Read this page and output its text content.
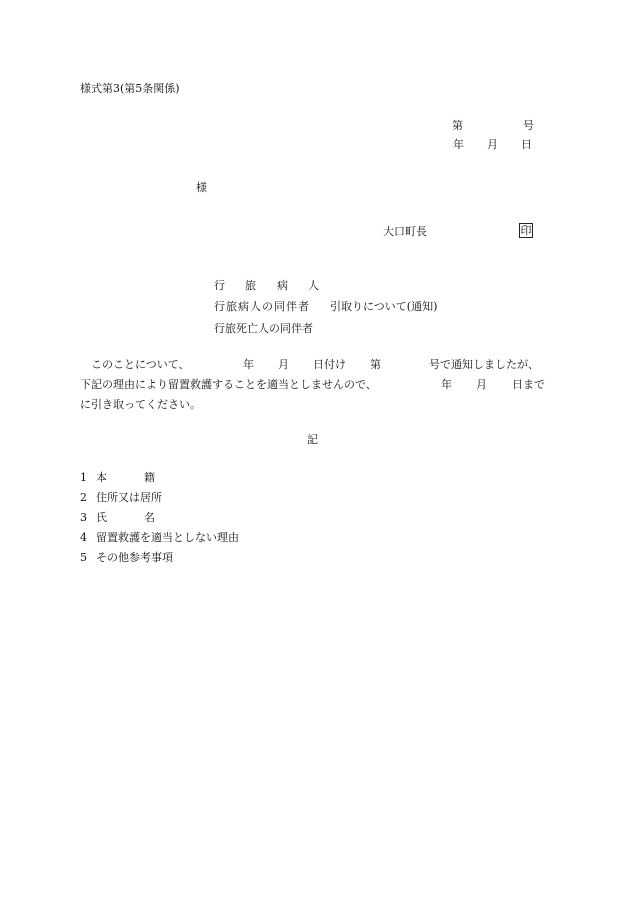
様式第3(第5条関係)
第	号
年 月 日
様
大口町長	印
行 旅 病 人
行旅病人の同伴者 引取りについて(通知)
行旅死亡人の同伴者
このことについて、	年 月 日付け 第	号で通知しましたが、
下記の理由により留置救護することを適当としませんので、	年 月 日まで
に引き取ってください。
記
1 本	籍
2 住所又は居所
3 氏	名
4 留置救護を適当としない理由
5 その他参考事項
